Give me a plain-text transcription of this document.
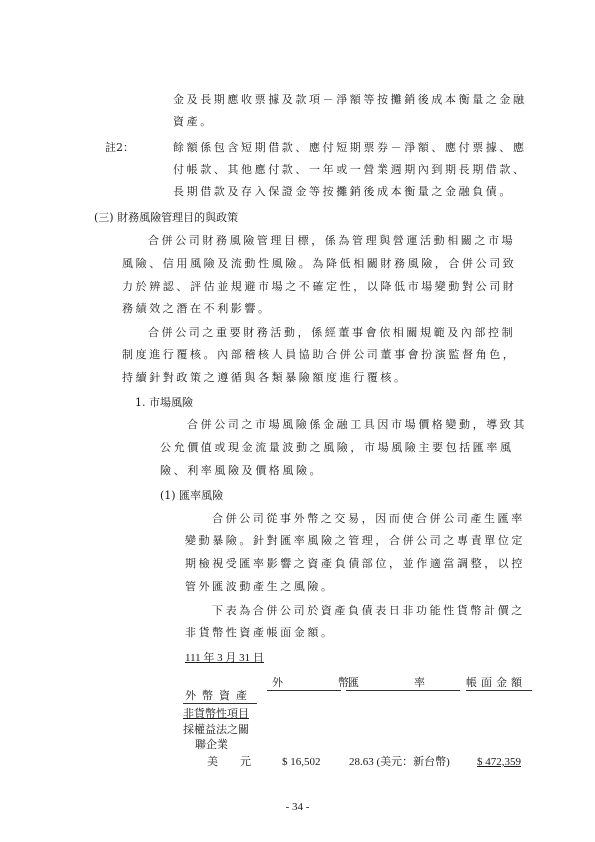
金及長期應收票據及款項－淨額等按攤銷後成本衡量之金融
資產。
註2：	餘額係包含短期借款、應付短期票券－淨額、應付票據、應
付帳款、其他應付款、一年或一營業週期內到期長期借款、
長期借款及存入保證金等按攤銷後成本衡量之金融負債。
(三) 財務風險管理目的與政策
合併公司財務風險管理目標，係為管理與營運活動相關之市場
風險、信用風險及流動性風險。為降低相關財務風險，合併公司致
力於辨認、評估並規避市場之不確定性，以降低市場變動對公司財
務績效之潛在不利影響。
合併公司之重要財務活動，係經董事會依相關規範及內部控制
制度進行覆核。內部稽核人員協助合併公司董事會扮演監督角色，
持續針對政策之遵循與各類暴險額度進行覆核。
1. 市場風險
合併公司之市場風險係金融工具因市場價格變動，導致其
公允價值或現金流量波動之風險，市場風險主要包括匯率風
險、利率風險及價格風險。
(1) 匯率風險
合併公司從事外幣之交易，因而使合併公司產生匯率
變動暴險。針對匯率風險之管理，合併公司之專責單位定
期檢視受匯率影響之資產負債部位，並作適當調整，以控
管外匯波動產生之風險。
下表為合併公司於資產負債表日非功能性貨幣計價之
非貨幣性資產帳面金額。
111 年 3 月 31 日
外　幣
匯　　　　　率	帳面金額
外幣資產
非貨幣性項目
採權益法之關
聯企業
美　　元	$ 16,502	28.63 (美元：新台幣) $ 472,359
- 34 -
